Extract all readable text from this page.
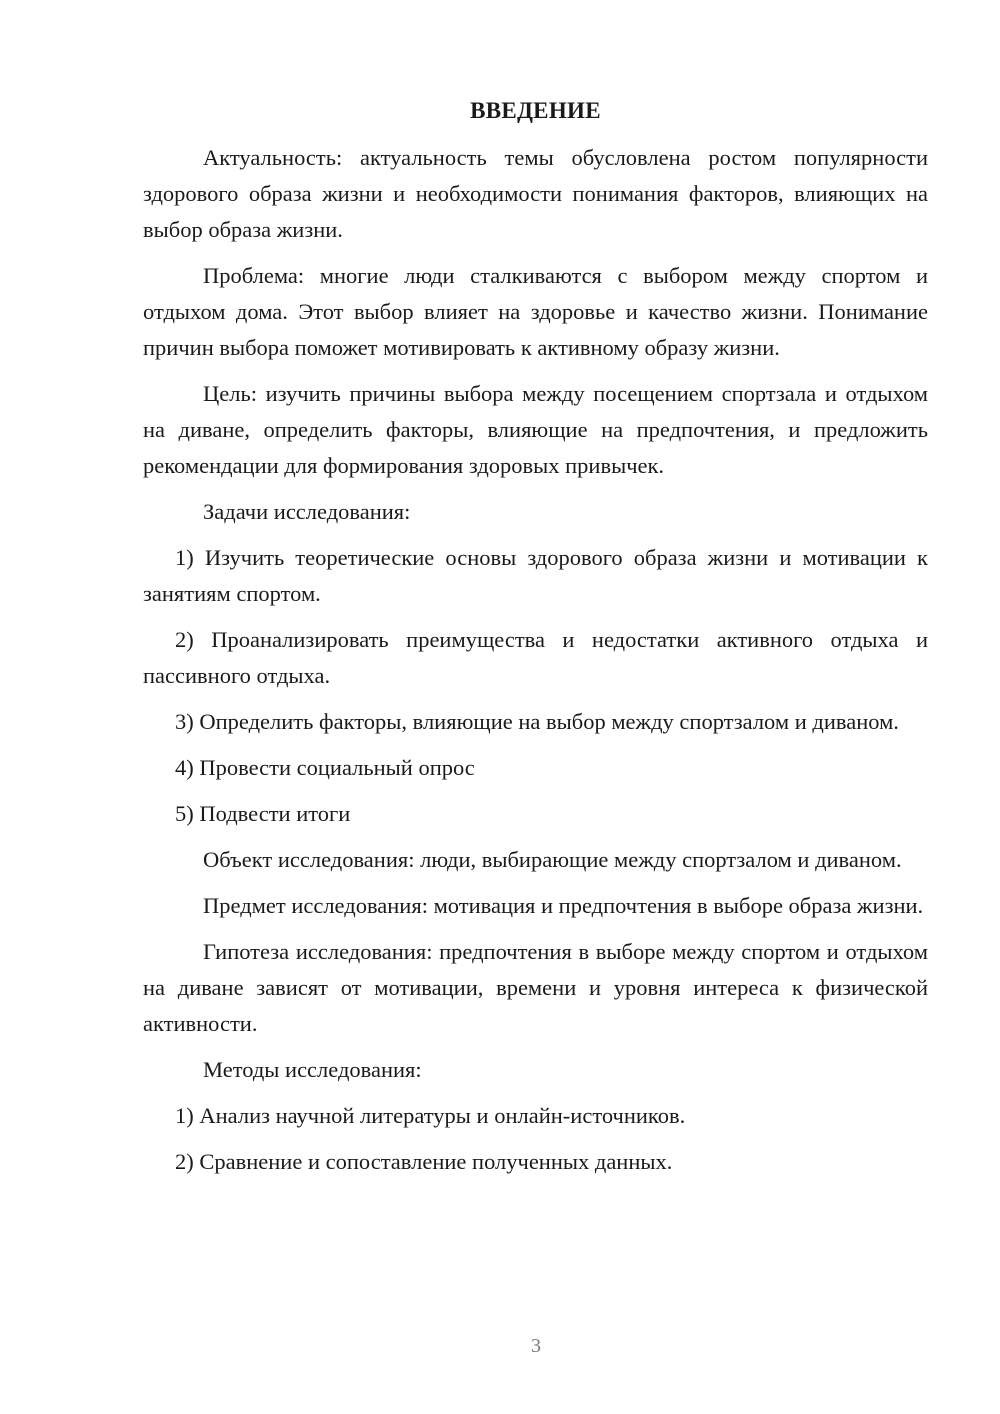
ВВЕДЕНИЕ

Актуальность: актуальность темы обусловлена ростом популярности здорового образа жизни и необходимости понимания факторов, влияющих на выбор образа жизни.

Проблема: многие люди сталкиваются с выбором между спортом и отдыхом дома. Этот выбор влияет на здоровье и качество жизни. Понимание причин выбора поможет мотивировать к активному образу жизни.

Цель: изучить причины выбора между посещением спортзала и отдыхом на диване, определить факторы, влияющие на предпочтения, и предложить рекомендации для формирования здоровых привычек.

Задачи исследования:

1) Изучить теоретические основы здорового образа жизни и мотивации к занятиям спортом.

2) Проанализировать преимущества и недостатки активного отдыха и пассивного отдыха.

3) Определить факторы, влияющие на выбор между спортзалом и диваном.

4) Провести социальный опрос

5) Подвести итоги

Объект исследования: люди, выбирающие между спортзалом и диваном.

Предмет исследования: мотивация и предпочтения в выборе образа жизни.

Гипотеза исследования: предпочтения в выборе между спортом и отдыхом на диване зависят от мотивации, времени и уровня интереса к физической активности.

Методы исследования:

1) Анализ научной литературы и онлайн-источников.

2) Сравнение и сопоставление полученных данных.

3
